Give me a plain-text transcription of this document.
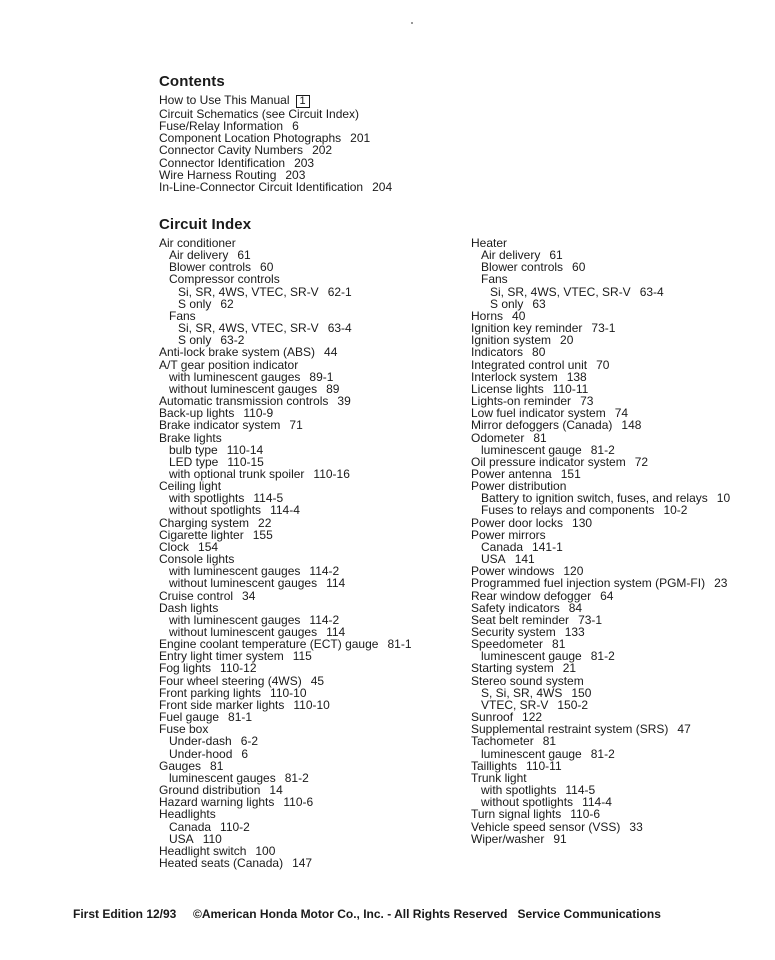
Contents
How to Use This Manual 1
Circuit Schematics (see Circuit Index)
Fuse/Relay Information 6
Component Location Photographs 201
Connector Cavity Numbers 202
Connector Identification 203
Wire Harness Routing 203
In-Line-Connector Circuit Identification 204
Circuit Index
Air conditioner
Air delivery 61
Blower controls 60
Compressor controls
Si, SR, 4WS, VTEC, SR-V 62-1
S only 62
Fans
Si, SR, 4WS, VTEC, SR-V 63-4
S only 63-2
Anti-lock brake system (ABS) 44
A/T gear position indicator
with luminescent gauges 89-1
without luminescent gauges 89
Automatic transmission controls 39
Back-up lights 110-9
Brake indicator system 71
Brake lights
bulb type 110-14
LED type 110-15
with optional trunk spoiler 110-16
Ceiling light
with spotlights 114-5
without spotlights 114-4
Charging system 22
Cigarette lighter 155
Clock 154
Console lights
with luminescent gauges 114-2
without luminescent gauges 114
Cruise control 34
Dash lights
with luminescent gauges 114-2
without luminescent gauges 114
Engine coolant temperature (ECT) gauge 81-1
Entry light timer system 115
Fog lights 110-12
Four wheel steering (4WS) 45
Front parking lights 110-10
Front side marker lights 110-10
Fuel gauge 81-1
Fuse box
Under-dash 6-2
Under-hood 6
Gauges 81
luminescent gauges 81-2
Ground distribution 14
Hazard warning lights 110-6
Headlights
Canada 110-2
USA 110
Headlight switch 100
Heated seats (Canada) 147
Heater
Air delivery 61
Blower controls 60
Fans
Si, SR, 4WS, VTEC, SR-V 63-4
S only 63
Horns 40
Ignition key reminder 73-1
Ignition system 20
Indicators 80
Integrated control unit 70
Interlock system 138
License lights 110-11
Lights-on reminder 73
Low fuel indicator system 74
Mirror defoggers (Canada) 148
Odometer 81
luminescent gauge 81-2
Oil pressure indicator system 72
Power antenna 151
Power distribution
Battery to ignition switch, fuses, and relays 10
Fuses to relays and components 10-2
Power door locks 130
Power mirrors
Canada 141-1
USA 141
Power windows 120
Programmed fuel injection system (PGM-FI) 23
Rear window defogger 64
Safety indicators 84
Seat belt reminder 73-1
Security system 133
Speedometer 81
luminescent gauge 81-2
Starting system 21
Stereo sound system
S, Si, SR, 4WS 150
VTEC, SR-V 150-2
Sunroof 122
Supplemental restraint system (SRS) 47
Tachometer 81
luminescent gauge 81-2
Taillights 110-11
Trunk light
with spotlights 114-5
without spotlights 114-4
Turn signal lights 110-6
Vehicle speed sensor (VSS) 33
Wiper/washer 91
First Edition 12/93 ©American Honda Motor Co., Inc. - All Rights Reserved Service Communications
